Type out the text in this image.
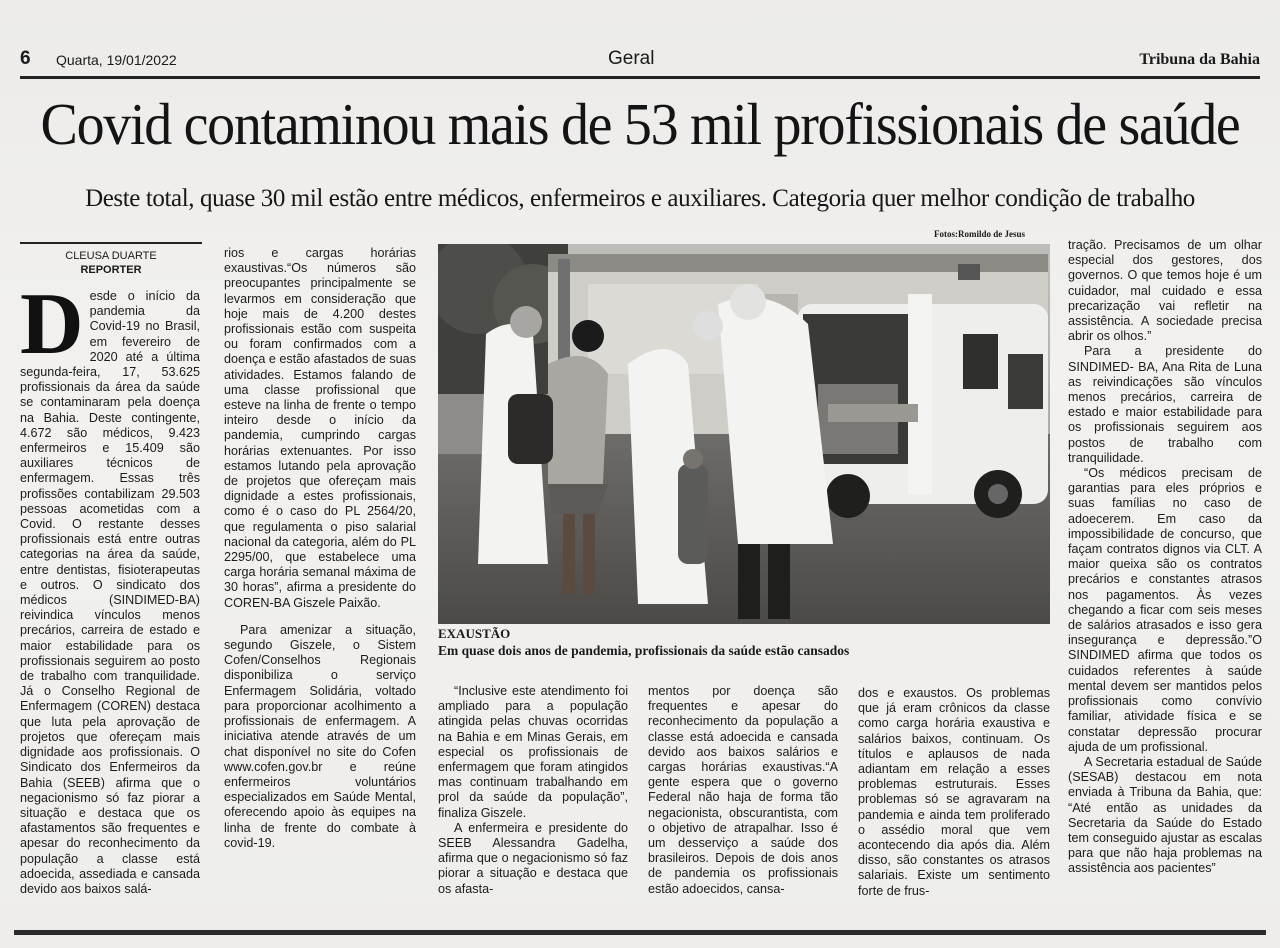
6 Quarta, 19/01/2022	Geral	Tribuna da Bahia
Covid contaminou mais de 53 mil profissionais de saúde
Deste total, quase 30 mil estão entre médicos, enfermeiros e auxiliares. Categoria quer melhor condição de trabalho
Fotos:Romildo de Jesus
CLEUSA DUARTE
REPORTER
D esde o início da pandemia da Covid-19 no Brasil, em fevereiro de 2020 até a última segunda-feira, 17, 53.625 profissionais da área da saúde se contaminaram pela doença na Bahia. Deste contingente, 4.672 são médicos, 9.423 enfermeiros e 15.409 são auxiliares técnicos de enfermagem. Essas três profissões contabilizam 29.503 pessoas acometidas com a Covid. O restante desses profissionais está entre outras categorias na área da saúde, entre dentistas, fisioterapeutas e outros. O sindicato dos médicos (SINDIMED-BA) reivindica vínculos menos precários, carreira de estado e maior estabilidade para os profissionais seguirem ao posto de trabalho com tranquilidade. Já o Conselho Regional de Enfermagem (COREN) destaca que luta pela aprovação de projetos que ofereçam mais dignidade aos profissionais. O Sindicato dos Enfermeiros da Bahia (SEEB) afirma que o negacionismo só faz piorar a situação e destaca que os afastamentos são frequentes e apesar do reconhecimento da população a classe está adoecida, assediada e cansada devido aos baixos salá-

rios e cargas horárias exaustivas.“Os números são preocupantes principalmente se levarmos em consideração que hoje mais de 4.200 destes profissionais estão com suspeita ou foram confirmados com a doença e estão afastados de suas atividades. Estamos falando de uma classe profissional que esteve na linha de frente o tempo inteiro desde o início da pandemia, cumprindo cargas horárias extenuantes. Por isso estamos lutando pela aprovação de projetos que ofereçam mais dignidade a estes profissionais, como é o caso do PL 2564/20, que regulamenta o piso salarial nacional da categoria, além do PL 2295/00, que estabelece uma carga horária semanal máxima de 30 horas”, afirma a presidente do COREN-BA Giszele Paixão.

Para amenizar a situação, segundo Giszele, o Sistem Cofen/Conselhos Regionais disponibiliza o serviço Enfermagem Solidária, voltado para proporcionar acolhimento a profissionais de enfermagem. A iniciativa atende através de um chat disponível no site do Cofen www.cofen.gov.br e reúne enfermeiros voluntários especializados em Saúde Mental, oferecendo apoio às equipes na linha de frente do combate à covid-19.

EXAUSTÃO
Em quase dois anos de pandemia, profissionais da saúde estão cansados

“Inclusive este atendimento foi ampliado para a população atingida pelas chuvas ocorridas na Bahia e em Minas Gerais, em especial os profissionais de enfermagem que foram atingidos mas continuam trabalhando em prol da saúde da população”, finaliza Giszele.

A enfermeira e presidente do SEEB Alessandra Gadelha, afirma que o negacionismo só faz piorar a situação e destaca que os afasta-

mentos por doença são frequentes e apesar do reconhecimento da população a classe está adoecida e cansada devido aos baixos salários e cargas horárias exaustivas.“A gente espera que o governo Federal não haja de forma tão negacionista, obscurantista, com o objetivo de atrapalhar. Isso é um desserviço a saúde dos brasileiros. Depois de dois anos de pandemia os profissionais estão adoecidos, cansa-

dos e exaustos. Os problemas que já eram crônicos da classe como carga horária exaustiva e salários baixos, continuam. Os títulos e aplausos de nada adiantam em relação a esses problemas estruturais. Esses problemas só se agravaram na pandemia e ainda tem proliferado o assédio moral que vem acontecendo dia após dia. Além disso, são constantes os atrasos salariais. Existe um sentimento forte de frus-

tração. Precisamos de um olhar especial dos gestores, dos governos. O que temos hoje é um cuidador, mal cuidado e essa precarização vai refletir na assistência. A sociedade precisa abrir os olhos.”

Para a presidente do SINDIMED- BA, Ana Rita de Luna as reivindicações são vínculos menos precários, carreira de estado e maior estabilidade para os profissionais seguirem aos postos de trabalho com tranquilidade.

“Os médicos precisam de garantias para eles próprios e suas famílias no caso de adoecerem. Em caso da impossibilidade de concurso, que façam contratos dignos via CLT. A maior queixa são os contratos precários e constantes atrasos nos pagamentos. Às vezes chegando a ficar com seis meses de salários atrasados e isso gera insegurança e depressão.”O SINDIMED afirma que todos os cuidados referentes à saúde mental devem ser mantidos pelos profissionais como convívio familiar, atividade física e se constatar depressão procurar ajuda de um profissional.

A Secretaria estadual de Saúde (SESAB) destacou em nota enviada à Tribuna da Bahia, que: “Até então as unidades da Secretaria da Saúde do Estado tem conseguido ajustar as escalas para que não haja problemas na assistência aos pacientes”
